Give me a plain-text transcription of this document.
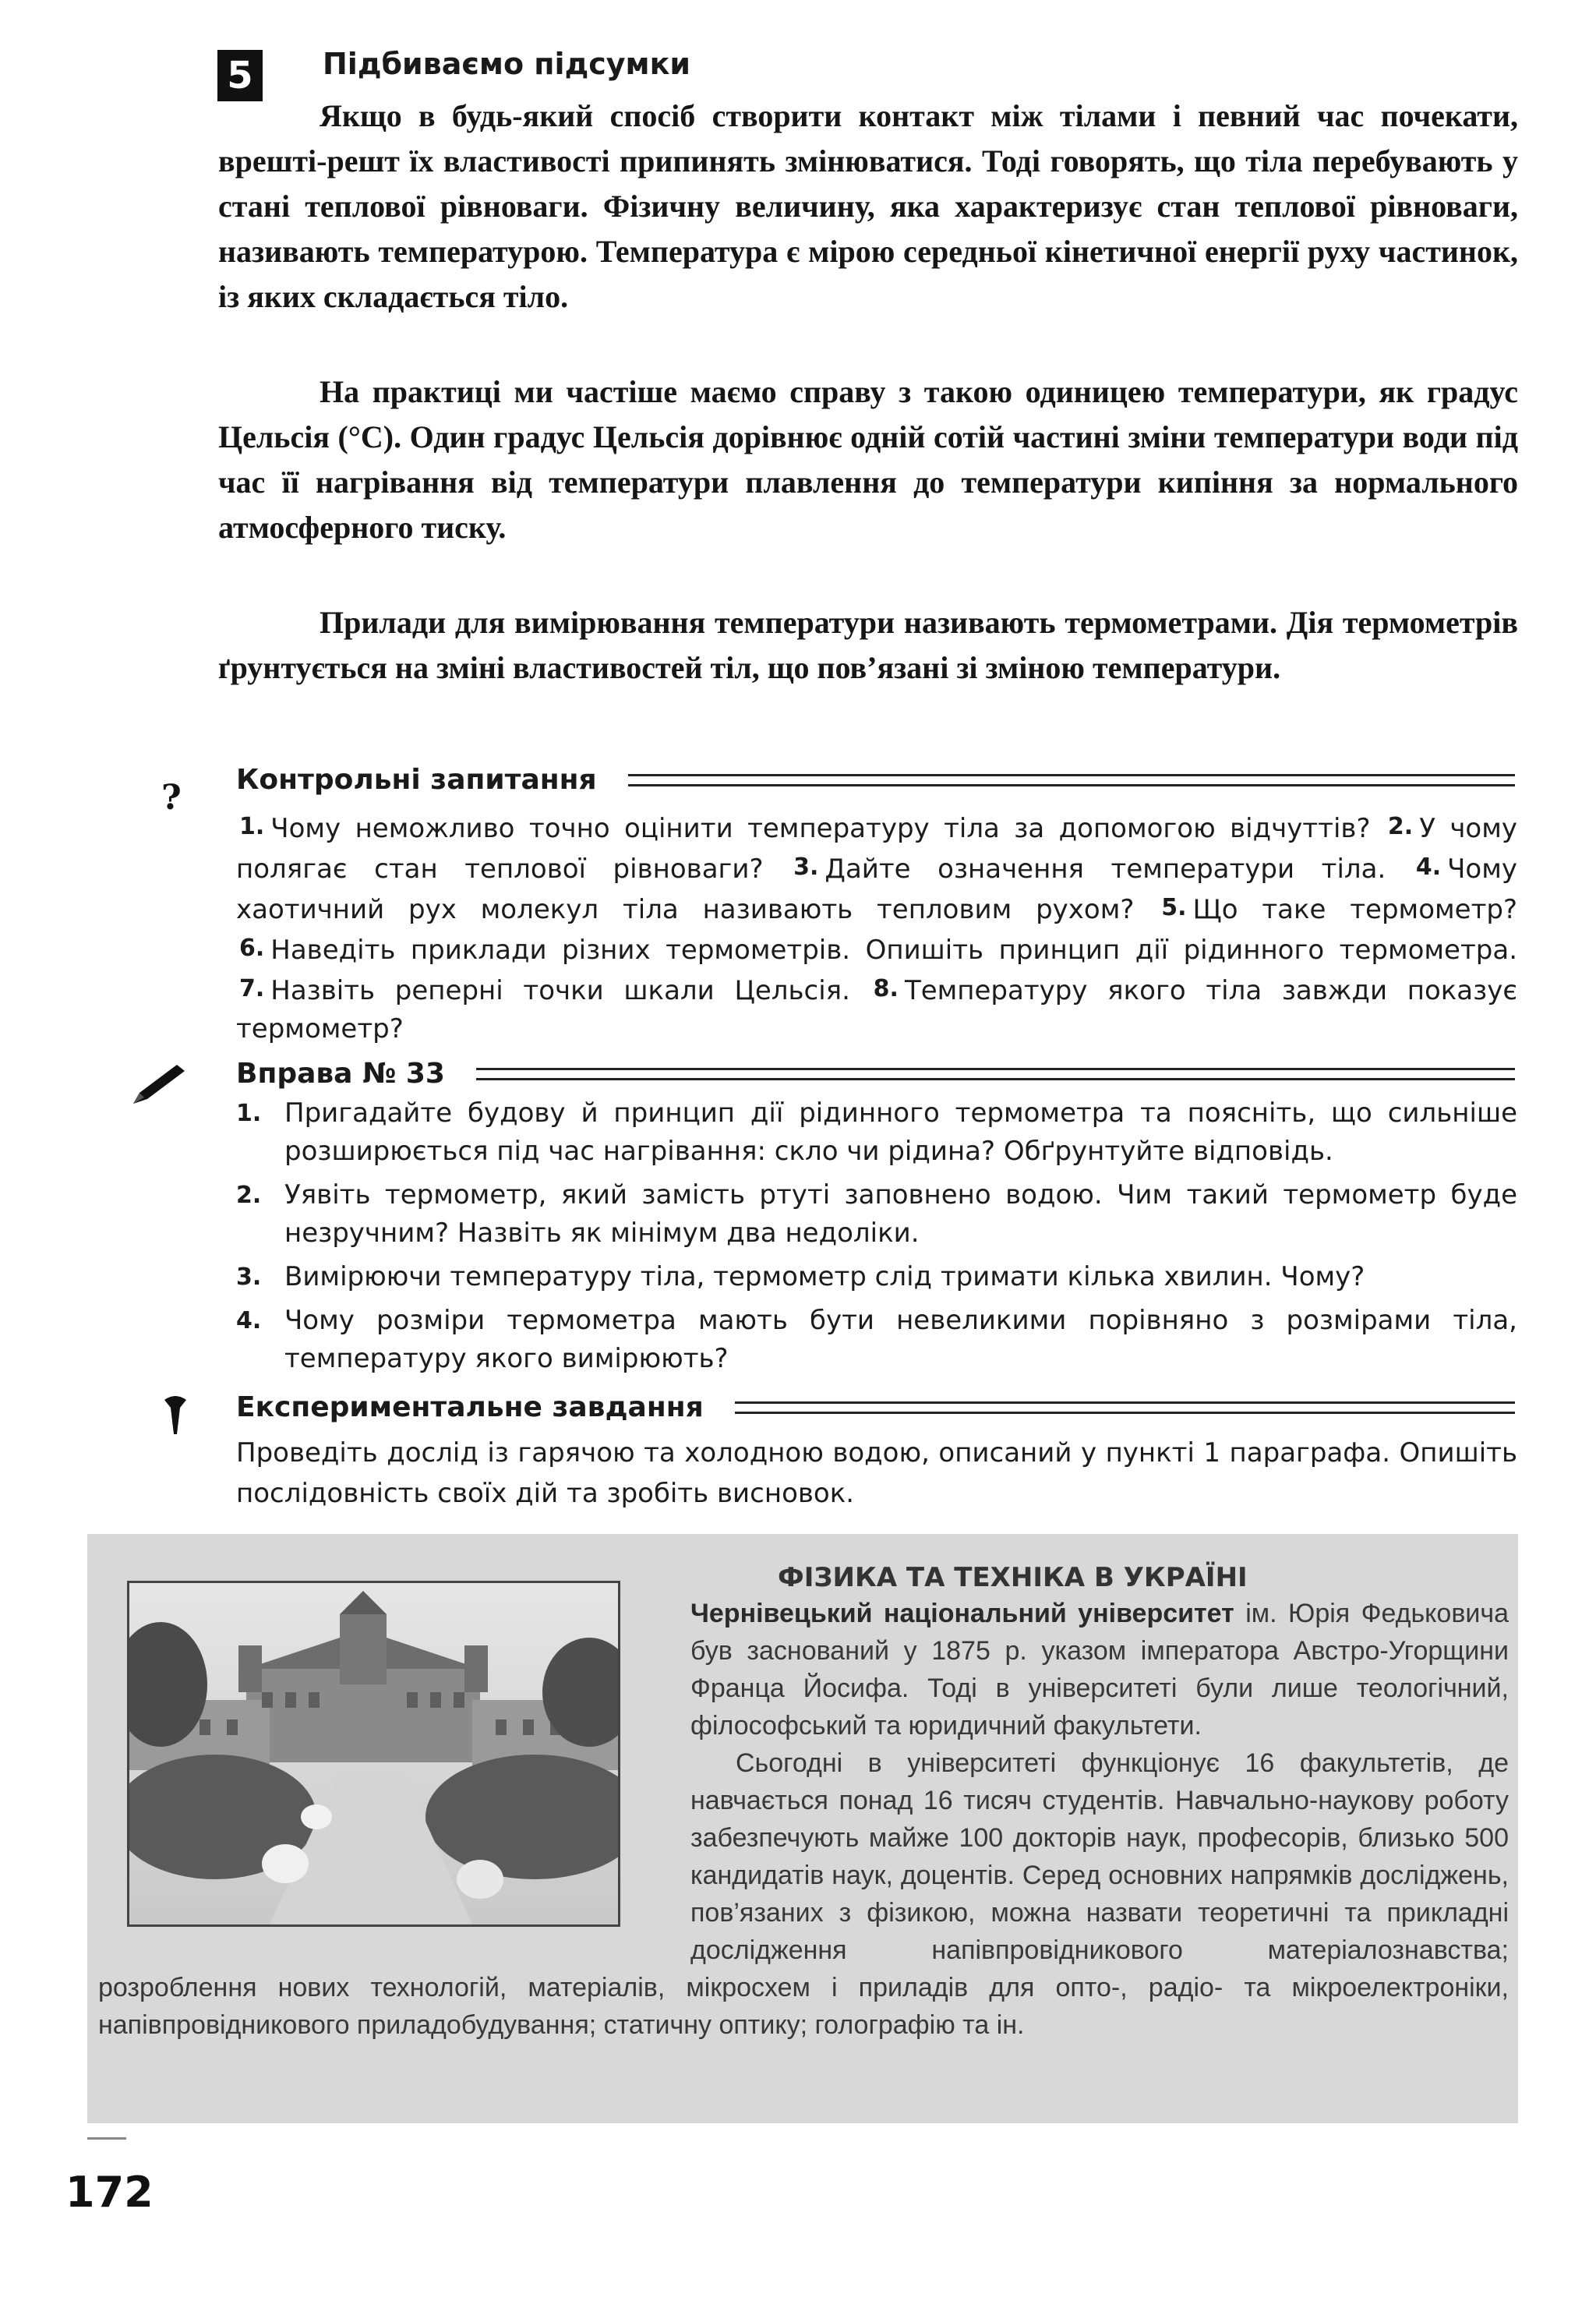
5	Підбиваємо підсумки
Якщо в будь-який спосіб створити контакт між тілами і певний час почекати, врешті-решт їх властивості припинять змінюватися. Тоді говорять, що тіла перебувають у стані теплової рівноваги. Фізичну величину, яка характеризує стан теплової рівноваги, називають температурою. Температура є мірою середньої кінетичної енергії руху частинок, із яких складається тіло.
На практиці ми частіше маємо справу з такою одиницею температури, як градус Цельсія (°С). Один градус Цельсія дорівнює одній сотій частині зміни температури води під час її нагрівання від температури плавлення до температури кипіння за нормального атмосферного тиску.
Прилади для вимірювання температури називають термометрами. Дія термометрів ґрунтується на зміні властивостей тіл, що пов’язані зі зміною температури.
? Контрольні запитання
1. Чому неможливо точно оцінити температуру тіла за допомогою відчуттів? 2. У чому полягає стан теплової рівноваги? 3. Дайте означення температури тіла. 4. Чому хаотичний рух молекул тіла називають тепловим рухом? 5. Що таке термометр? 6. Наведіть приклади різних термометрів. Опишіть принцип дії рідинного термометра. 7. Назвіть реперні точки шкали Цельсія. 8. Температуру якого тіла завжди показує термометр?
Вправа № 33
1. Пригадайте будову й принцип дії рідинного термометра та поясніть, що сильніше розширюється під час нагрівання: скло чи рідина? Обґрунтуйте відповідь.
2. Уявіть термометр, який замість ртуті заповнено водою. Чим такий термометр буде незручним? Назвіть як мінімум два недоліки.
3. Вимірюючи температуру тіла, термометр слід тримати кілька хвилин. Чому?
4. Чому розміри термометра мають бути невеликими порівняно з розмірами тіла, температуру якого вимірюють?
Експериментальне завдання
Проведіть дослід із гарячою та холодною водою, описаний у пункті 1 параграфа. Опишіть послідовність своїх дій та зробіть висновок.
ФІЗИКА ТА ТЕХНІКА В УКРАЇНІ
Чернівецький національний університет ім. Юрія Федьковича був заснований у 1875 р. указом імператора Австро-Угорщини Франца Йосифа. Тоді в університеті були лише теологічний, філософський та юридичний факультети.
Сьогодні в університеті функціонує 16 факультетів, де навчається понад 16 тисяч студентів. Навчально-наукову роботу забезпечують майже 100 докторів наук, професорів, близько 500 кандидатів наук, доцентів. Серед основних напрямків досліджень, пов’язаних з фізикою, можна назвати теоретичні та прикладні дослідження напівпровідникового матеріалознавства; розроблення нових технологій, матеріалів, мікросхем і приладів для опто-, радіо- та мікроелектроніки, напівпровідникового приладобудування; статичну оптику; голографію та ін.
172
